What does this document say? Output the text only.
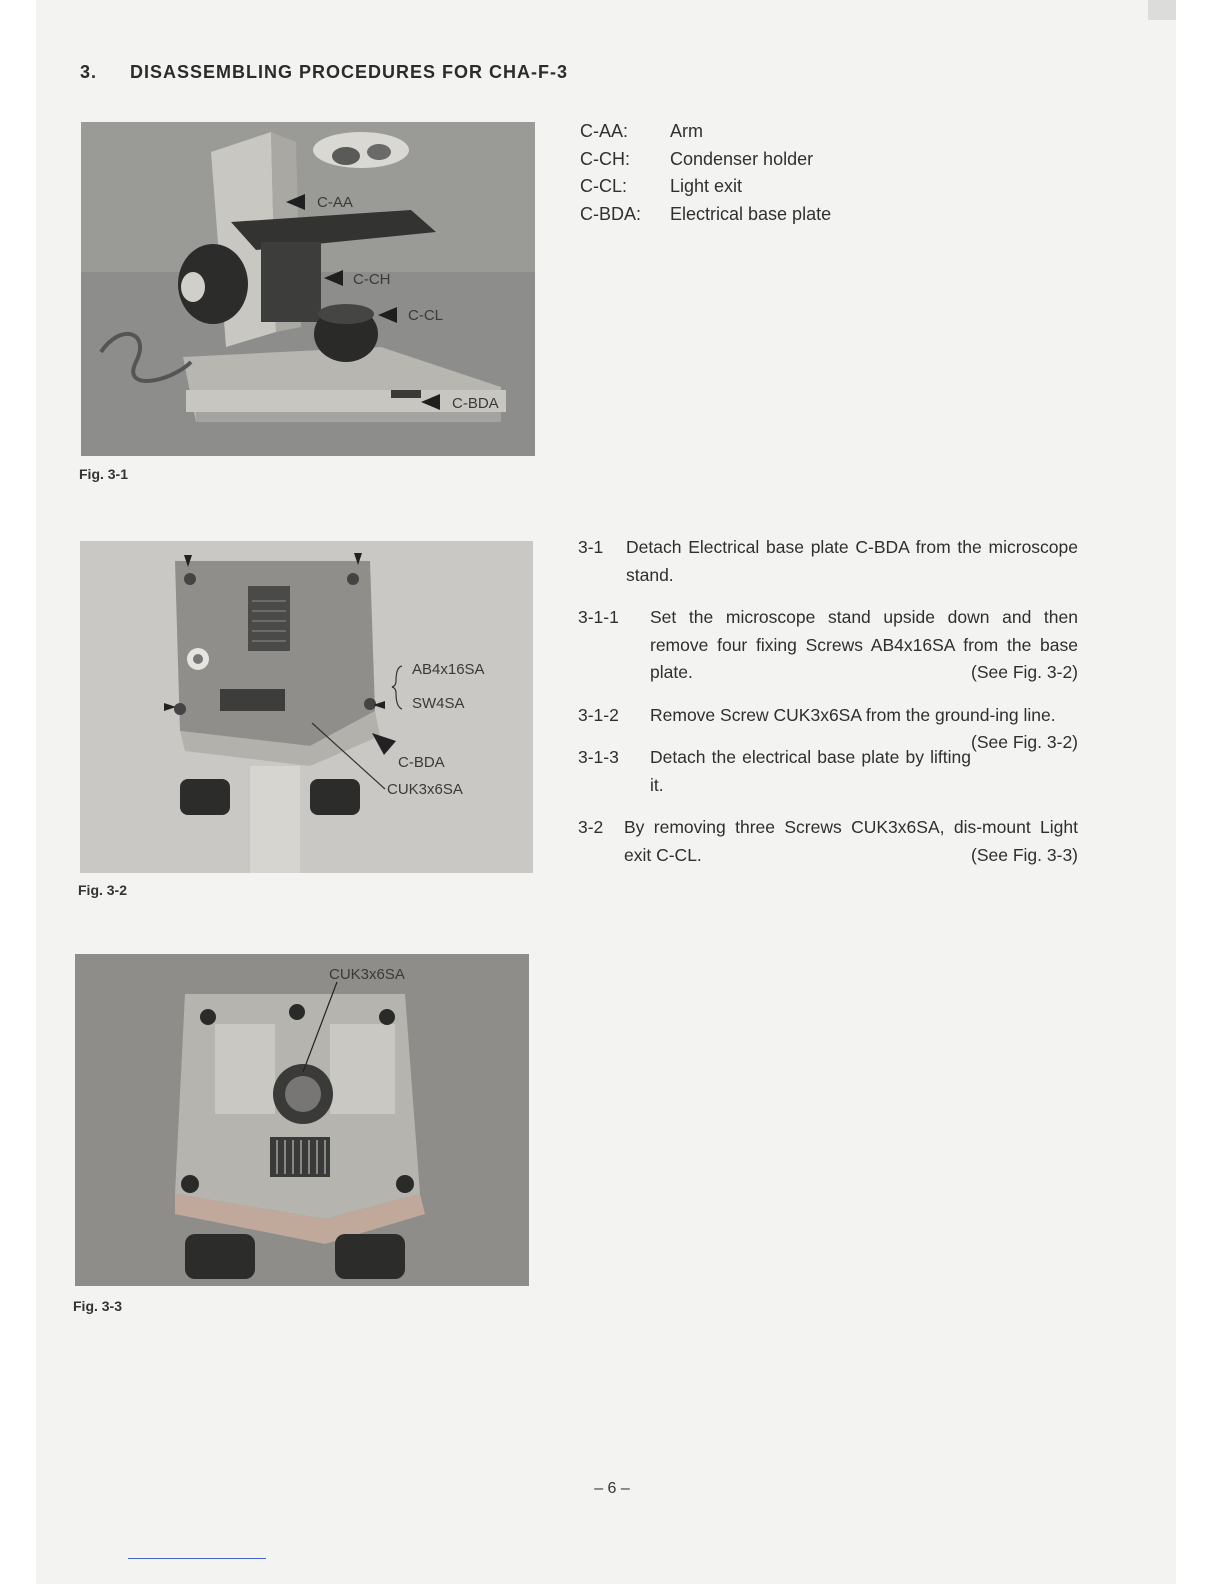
3. DISASSEMBLING PROCEDURES FOR CHA-F-3
C-AA
C-CH
C-CL
C-BDA
Fig. 3-1
AB4x16SA
SW4SA
C-BDA
CUK3x6SA
Fig. 3-2
CUK3x6SA
Fig. 3-3
C-AA: Arm
C-CH: Condenser holder
C-CL: Light exit
C-BDA: Electrical base plate
3-1	Detach Electrical base plate C-BDA from the microscope stand.
3-1-1	Set the microscope stand upside down and then remove four fixing Screws AB4x16SA from the base plate.	(See Fig. 3-2)
3-1-2	Remove Screw CUK3x6SA from the ground-ing line.
(See Fig. 3-2)
3-1-3	Detach the electrical base plate by lifting it.
3-2	By removing three Screws CUK3x6SA, dis-mount Light exit C-CL.	(See Fig. 3-3)
– 6 –
